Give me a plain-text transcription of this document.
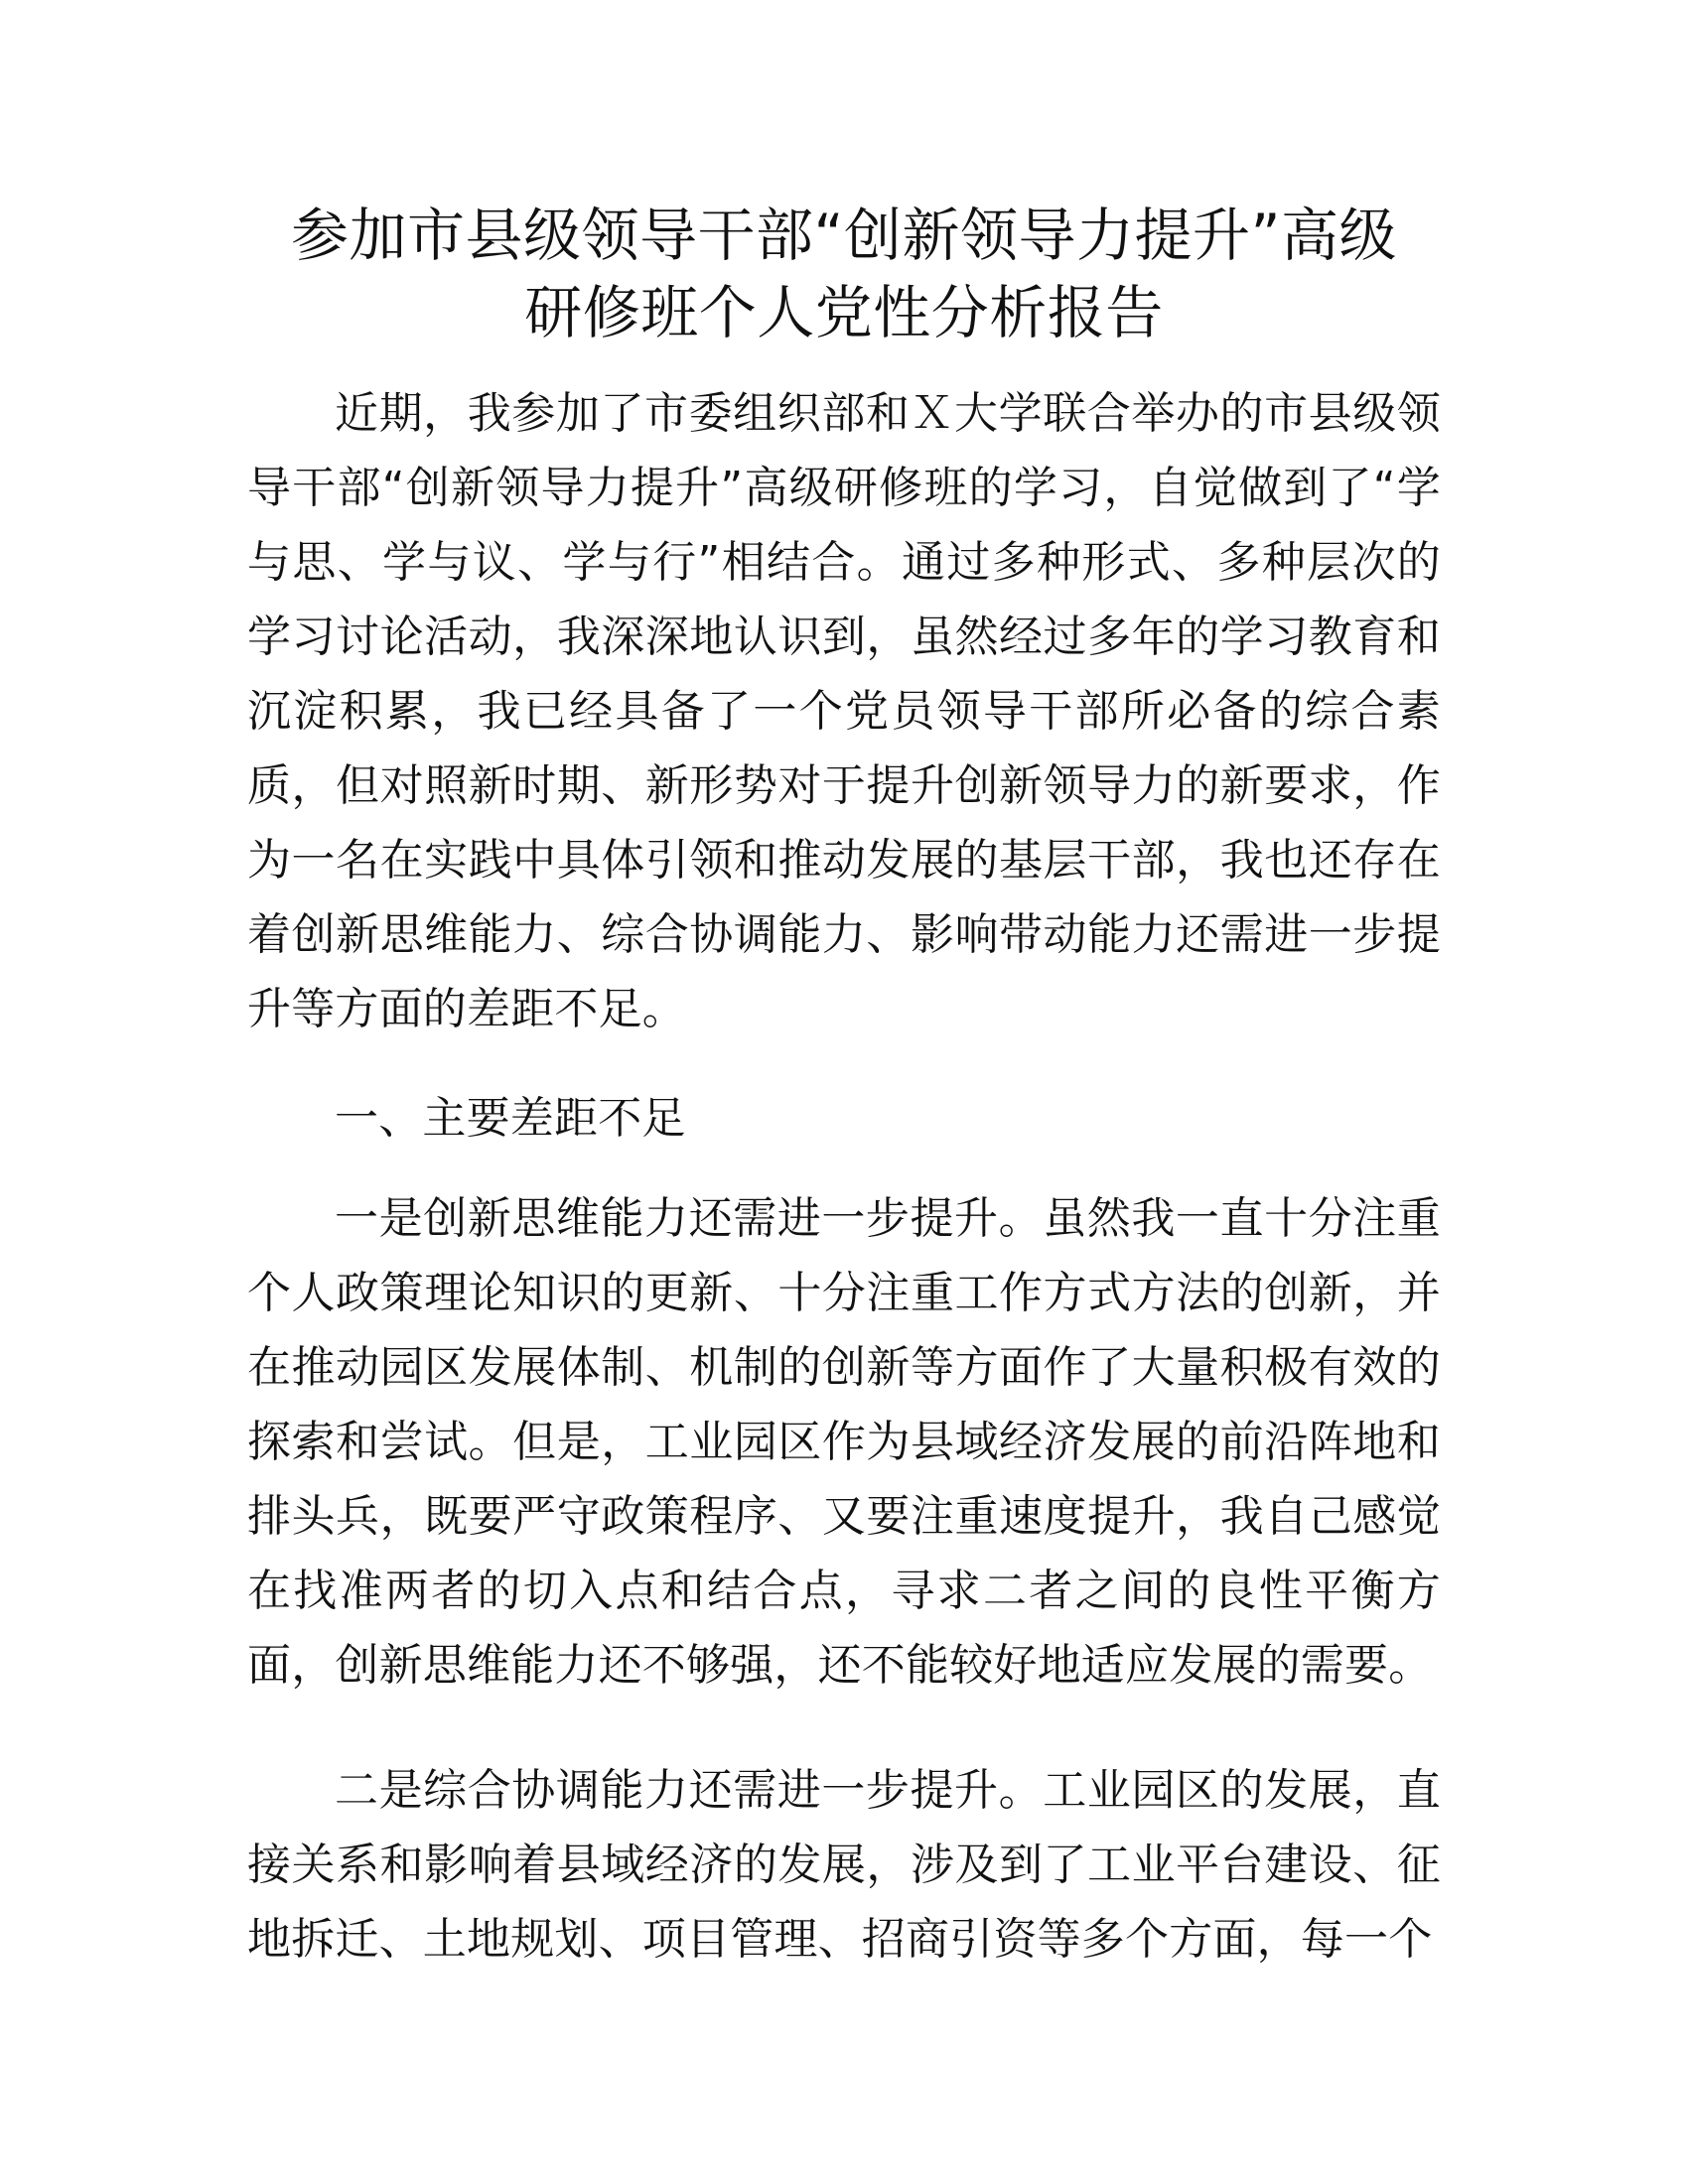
参加市县级领导干部“创新领导力提升”高级
研修班个人党性分析报告

近期，我参加了市委组织部和Ｘ大学联合举办的市县级领导干部“创新领导力提升”高级研修班的学习，自觉做到了“学与思、学与议、学与行”相结合。通过多种形式、多种层次的学习讨论活动，我深深地认识到，虽然经过多年的学习教育和沉淀积累，我已经具备了一个党员领导干部所必备的综合素质，但对照新时期、新形势对于提升创新领导力的新要求，作为一名在实践中具体引领和推动发展的基层干部，我也还存在着创新思维能力、综合协调能力、影响带动能力还需进一步提升等方面的差距不足。

一、主要差距不足

一是创新思维能力还需进一步提升。虽然我一直十分注重个人政策理论知识的更新、十分注重工作方式方法的创新，并在推动园区发展体制、机制的创新等方面作了大量积极有效的探索和尝试。但是，工业园区作为县域经济发展的前沿阵地和排头兵，既要严守政策程序、又要注重速度提升，我自己感觉在找准两者的切入点和结合点，寻求二者之间的良性平衡方面，创新思维能力还不够强，还不能较好地适应发展的需要。

二是综合协调能力还需进一步提升。工业园区的发展，直接关系和影响着县域经济的发展，涉及到了工业平台建设、征地拆迁、土地规划、项目管理、招商引资等多个方面，每一个
